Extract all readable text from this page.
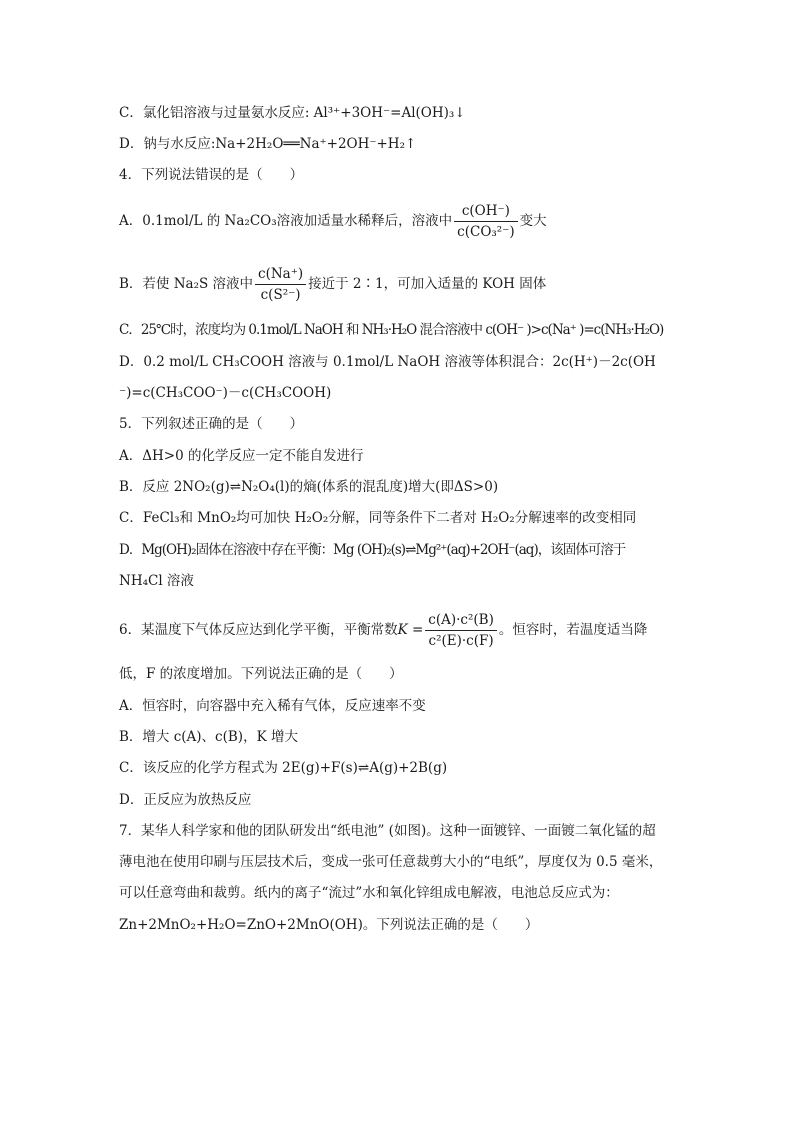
C．氯化铝溶液与过量氨水反应: Al³⁺+3OH⁻=Al(OH)₃↓
D．钠与水反应:Na+2H₂O══Na⁺+2OH⁻+H₂↑
4．下列说法错误的是（　　）
A．0.1mol/L 的 Na₂CO₃溶液加适量水稀释后，溶液中 $\frac{c(OH^-)}{\text{c(CO₃²⁻)}}$ 变大
B．若使 Na₂S 溶液中 $\frac{c(Na^+)}{\text{c(S²⁻)}}$ 接近于 2∶1，可加入适量的 KOH 固体
C．25℃时，浓度均为 0.1mol/L NaOH 和 NH₃·H₂O 混合溶液中 c(OH⁻ )>c(Na⁺ )=c(NH₃·H₂O)
D．0.2 mol/L CH₃COOH 溶液与 0.1mol/L NaOH 溶液等体积混合：2c(H⁺)－2c(OH
⁻)=c(CH₃COO⁻)－c(CH₃COOH)
5．下列叙述正确的是（　　）
A．ΔH>0 的化学反应一定不能自发进行
B．反应 2NO₂(g)⇌N₂O₄(l)的熵(体系的混乱度)增大(即ΔS>0)
C．FeCl₃和 MnO₂均可加快 H₂O₂分解，同等条件下二者对 H₂O₂分解速率的改变相同
D．Mg(OH)₂固体在溶液中存在平衡：Mg (OH)₂(s)⇌Mg²⁺(aq)+2OH⁻(aq)，该固体可溶于
NH₄Cl 溶液
6．某温度下气体反应达到化学平衡，平衡常数$K = \frac{\text{c(A)·c²(B)}}{\text{c²(E)·c(F)}}$ 。恒容时，若温度适当降
低，F 的浓度增加。下列说法正确的是（　　）
A．恒容时，向容器中充入稀有气体，反应速率不变
B．增大 c(A)、c(B)，K 增大
C．该反应的化学方程式为 2E(g)+F(s)⇌A(g)+2B(g)
D．正反应为放热反应
7．某华人科学家和他的团队研发出“纸电池” (如图)。这种一面镀锌、一面镀二氧化锰的超
薄电池在使用印刷与压层技术后，变成一张可任意裁剪大小的“电纸”，厚度仅为 0.5 毫米，
可以任意弯曲和裁剪。纸内的离子“流过”水和氧化锌组成电解液，电池总反应式为：
Zn+2MnO₂+H₂O=ZnO+2MnO(OH)。下列说法正确的是（　　）
